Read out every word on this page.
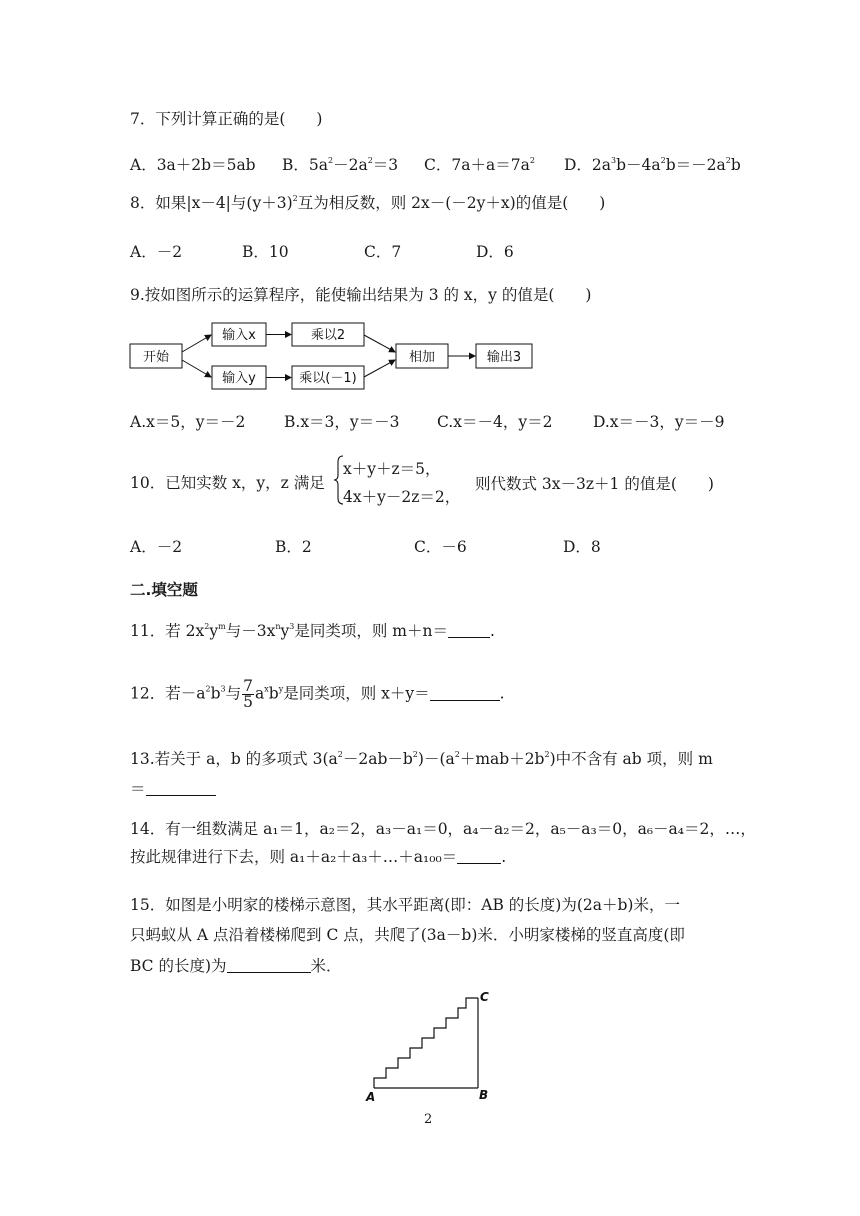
7．下列计算正确的是(　　)
A．3a＋2b＝5ab B．$5a^2-2a^2=3$ C．$7a+a=7a^2$ D．$2a^3b-4a^2b=-2a^2b$
8．如果|x－4|与$(y+3)^2$互为相反数，则 2x－(－2y＋x)的值是(　　)
A．－2	B．10	C．7	D．6
9.按如图所示的运算程序，能使输出结果为 3 的 x，y 的值是(　　)
开始
输入x	乘以2
输入y	乘以(－1)
相加	输出3
A.x＝5，y＝－2 B.x＝3，y＝－3 C.x＝－4，y＝2	D.x＝－3，y＝－9
10．已知实数 x，y，z 满足
x＋y＋z＝5，
4x＋y－2z＝2，
则代数式 3x－3z＋1 的值是(　　)
A．－2	B．2	C．－6	D．8
二.填空题
11．若 $2x^2y^m$与$-3x^ny^3$是同类项，则 m＋n＝	.
12．若$-a^2b^3$与 $\frac{7}{5} a^xb^y$是同类项，则 x＋y＝	.
13.若关于 a，b 的多项式 $3(a^2-2ab-b^2)-(a^2+mab+2b^2)$中不含有 ab 项，则 m
＝
14．有一组数满足 a₁＝1，a₂＝2，a₃－a₁＝0，a₄－a₂＝2，a₅－a₃＝0，a₆－a₄＝2，…，
按此规律进行下去，则 a₁＋a₂＋a₃＋…＋a₁₀₀＝	.
15．如图是小明家的楼梯示意图，其水平距离(即：AB 的长度)为(2a＋b)米，一
只蚂蚁从 A 点沿着楼梯爬到 C 点，共爬了(3a－b)米．小明家楼梯的竖直高度(即
BC 的长度)为	米．
A	B
C
2
